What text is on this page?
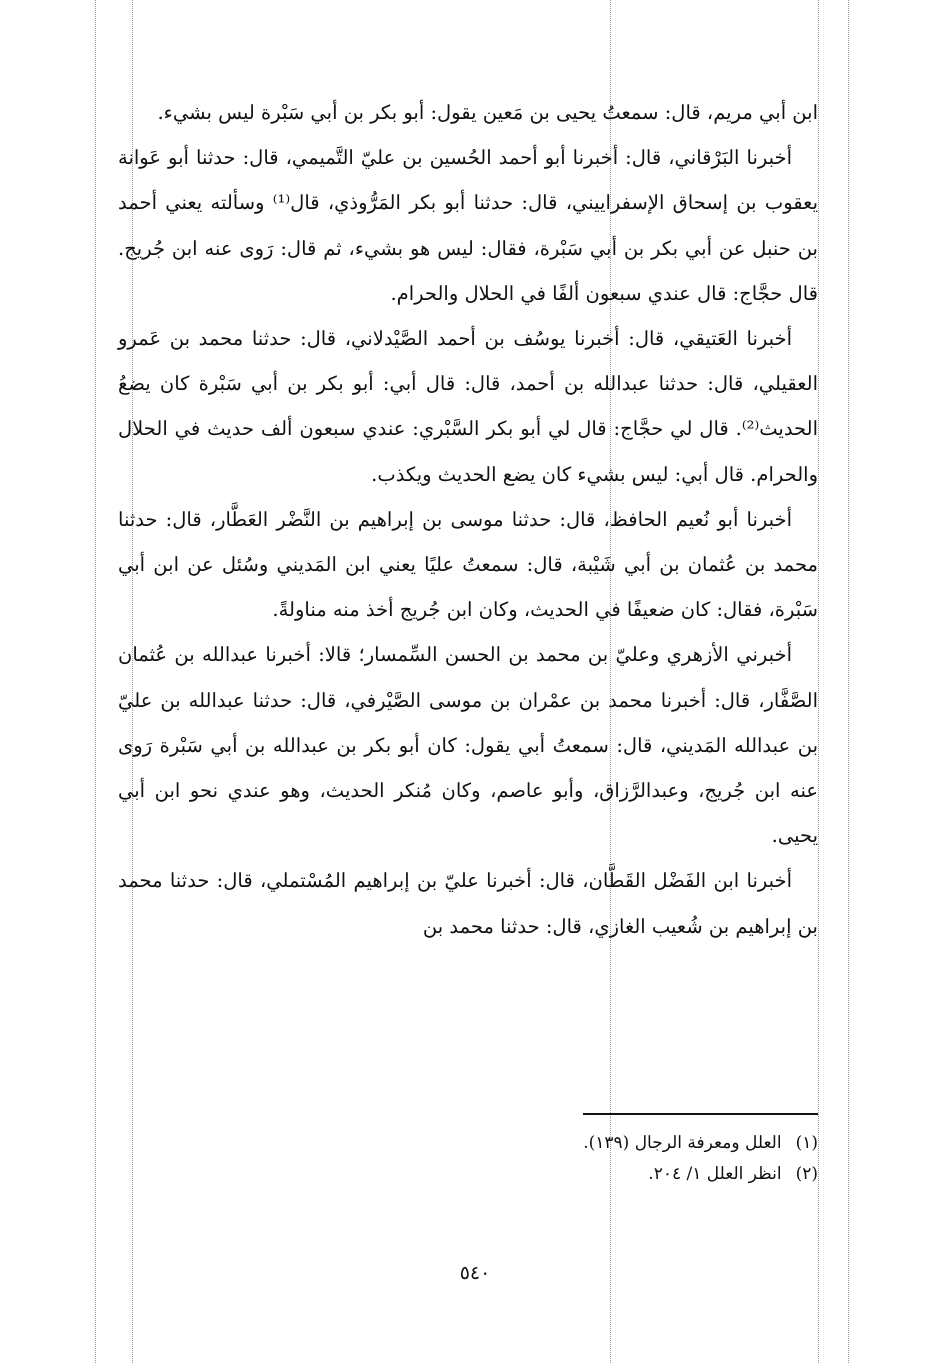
ابن أبي مريم، قال: سمعتُ يحيى بن مَعين يقول: أبو بكر بن أبي سَبْرة ليس بشيء.

أخبرنا البَرْقاني، قال: أخبرنا أبو أحمد الحُسين بن عليّ التَّميمي، قال: حدثنا أبو عَوانة يعقوب بن إسحاق الإسفراييني، قال: حدثنا أبو بكر المَرُّوذي، قال⁽¹⁾ وسألته يعني أحمد بن حنبل عن أبي بكر بن أبي سَبْرة، فقال: ليس هو بشيء، ثم قال: رَوى عنه ابن جُريج. قال حجَّاج: قال عندي سبعون ألفًا في الحلال والحرام.

أخبرنا العَتيقي، قال: أخبرنا يوسُف بن أحمد الصَّيْدلاني، قال: حدثنا محمد بن عَمرو العقيلي، قال: حدثنا عبدالله بن أحمد، قال: قال أبي: أبو بكر بن أبي سَبْرة كان يضعُ الحديث⁽²⁾. قال لي حجَّاج: قال لي أبو بكر السَّبْري: عندي سبعون ألف حديث في الحلال والحرام. قال أبي: ليس بشيء كان يضع الحديث ويكذب.

أخبرنا أبو نُعيم الحافظ، قال: حدثنا موسى بن إبراهيم بن النَّضْر العَطَّار، قال: حدثنا محمد بن عُثمان بن أبي شَيْبة، قال: سمعتُ عليًا يعني ابن المَديني وسُئل عن ابن أبي سَبْرة، فقال: كان ضعيفًا في الحديث، وكان ابن جُريج أخذ منه مناولةً.

أخبرني الأزهري وعليّ بن محمد بن الحسن السِّمسار؛ قالا: أخبرنا عبدالله بن عُثمان الصَّفَّار، قال: أخبرنا محمد بن عمْران بن موسى الصَّيْرفي، قال: حدثنا عبدالله بن عليّ بن عبدالله المَديني، قال: سمعتُ أبي يقول: كان أبو بكر بن عبدالله بن أبي سَبْرة رَوى عنه ابن جُريج، وعبدالرَّزاق، وأبو عاصم، وكان مُنكر الحديث، وهو عندي نحو ابن أبي يحيى.

أخبرنا ابن الفَضْل القَطَّان، قال: أخبرنا عليّ بن إبراهيم المُسْتملي، قال: حدثنا محمد بن إبراهيم بن شُعيب الغازي، قال: حدثنا محمد بن

(١)العلل ومعرفة الرجال (١٣٩).

(٢)انظر العلل ١/ ٢٠٤.

٥٤٠
